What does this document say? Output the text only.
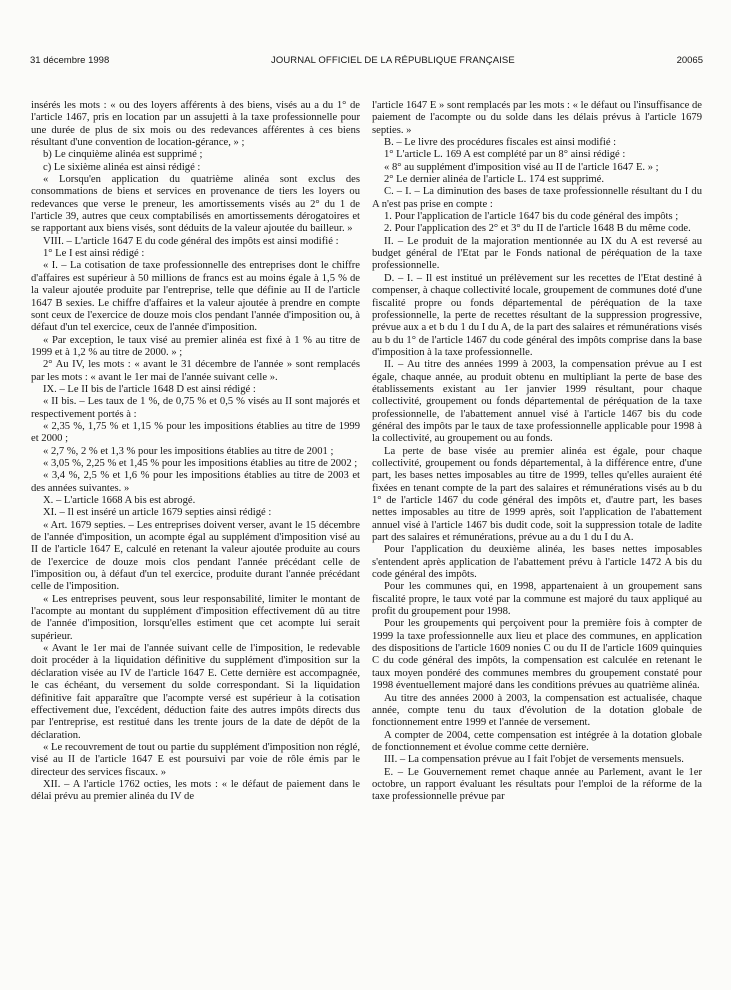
31 décembre 1998	JOURNAL OFFICIEL DE LA RÉPUBLIQUE FRANÇAISE	20065

insérés les mots : « ou des loyers afférents à des biens, visés au a du 1° de l'article 1467, pris en location par un assujetti à la taxe professionnelle pour une durée de plus de six mois ou des redevances afférentes à ces biens résultant d'une convention de location-gérance, » ;

b) Le cinquième alinéa est supprimé ;

c) Le sixième alinéa est ainsi rédigé :

« Lorsqu'en application du quatrième alinéa sont exclus des consommations de biens et services en provenance de tiers les loyers ou redevances que verse le preneur, les amortissements visés au 2° du 1 de l'article 39, autres que ceux comptabilisés en amortissements dérogatoires et se rapportant aux biens visés, sont déduits de la valeur ajoutée du bailleur. »

VIII. – L'article 1647 E du code général des impôts est ainsi modifié :

1° Le I est ainsi rédigé :

« I. – La cotisation de taxe professionnelle des entreprises dont le chiffre d'affaires est supérieur à 50 millions de francs est au moins égale à 1,5 % de la valeur ajoutée produite par l'entreprise, telle que définie au II de l'article 1647 B sexies. Le chiffre d'affaires et la valeur ajoutée à prendre en compte sont ceux de l'exercice de douze mois clos pendant l'année d'imposition ou, à défaut d'un tel exercice, ceux de l'année d'imposition.

« Par exception, le taux visé au premier alinéa est fixé à 1 % au titre de 1999 et à 1,2 % au titre de 2000. » ;

2° Au IV, les mots : « avant le 31 décembre de l'année » sont remplacés par les mots : « avant le 1er mai de l'année suivant celle ».

IX. – Le II bis de l'article 1648 D est ainsi rédigé :

« II bis. – Les taux de 1 %, de 0,75 % et 0,5 % visés au II sont majorés et respectivement portés à :

« 2,35 %, 1,75 % et 1,15 % pour les impositions établies au titre de 1999 et 2000 ;

« 2,7 %, 2 % et 1,3 % pour les impositions établies au titre de 2001 ;

« 3,05 %, 2,25 % et 1,45 % pour les impositions établies au titre de 2002 ;

« 3,4 %, 2,5 % et 1,6 % pour les impositions établies au titre de 2003 et des années suivantes. »

X. – L'article 1668 A bis est abrogé.

XI. – Il est inséré un article 1679 septies ainsi rédigé :

« Art. 1679 septies. – Les entreprises doivent verser, avant le 15 décembre de l'année d'imposition, un acompte égal au supplément d'imposition visé au II de l'article 1647 E, calculé en retenant la valeur ajoutée produite au cours de l'exercice de douze mois clos pendant l'année précédant celle de l'imposition ou, à défaut d'un tel exercice, produite durant l'année précédant celle de l'imposition.

« Les entreprises peuvent, sous leur responsabilité, limiter le montant de l'acompte au montant du supplément d'imposition effectivement dû au titre de l'année d'imposition, lorsqu'elles estiment que cet acompte lui serait supérieur.

« Avant le 1er mai de l'année suivant celle de l'imposition, le redevable doit procéder à la liquidation définitive du supplément d'imposition sur la déclaration visée au IV de l'article 1647 E. Cette dernière est accompagnée, le cas échéant, du versement du solde correspondant. Si la liquidation définitive fait apparaître que l'acompte versé est supérieur à la cotisation effectivement due, l'excédent, déduction faite des autres impôts directs dus par l'entreprise, est restitué dans les trente jours de la date de dépôt de la déclaration.

« Le recouvrement de tout ou partie du supplément d'imposition non réglé, visé au II de l'article 1647 E est poursuivi par voie de rôle émis par le directeur des services fiscaux. »

XII. – A l'article 1762 octies, les mots : « le défaut de paiement dans le délai prévu au premier alinéa du IV de

l'article 1647 E » sont remplacés par les mots : « le défaut ou l'insuffisance de paiement de l'acompte ou du solde dans les délais prévus à l'article 1679 septies. »

B. – Le livre des procédures fiscales est ainsi modifié :

1° L'article L. 169 A est complété par un 8° ainsi rédigé :

« 8° au supplément d'imposition visé au II de l'article 1647 E. » ;

2° Le dernier alinéa de l'article L. 174 est supprimé.

C. – I. – La diminution des bases de taxe professionnelle résultant du I du A n'est pas prise en compte :

1. Pour l'application de l'article 1647 bis du code général des impôts ;

2. Pour l'application des 2° et 3° du II de l'article 1648 B du même code.

II. – Le produit de la majoration mentionnée au IX du A est reversé au budget général de l'Etat par le Fonds national de péréquation de la taxe professionnelle.

D. – I. – Il est institué un prélèvement sur les recettes de l'Etat destiné à compenser, à chaque collectivité locale, groupement de communes doté d'une fiscalité propre ou fonds départemental de péréquation de la taxe professionnelle, la perte de recettes résultant de la suppression progressive, prévue aux a et b du 1 du I du A, de la part des salaires et rémunérations visés au b du 1° de l'article 1467 du code général des impôts comprise dans la base d'imposition à la taxe professionnelle.

II. – Au titre des années 1999 à 2003, la compensation prévue au I est égale, chaque année, au produit obtenu en multipliant la perte de base des établissements existant au 1er janvier 1999 résultant, pour chaque collectivité, groupement ou fonds départemental de péréquation de la taxe professionnelle, de l'abattement annuel visé à l'article 1467 bis du code général des impôts par le taux de taxe professionnelle applicable pour 1998 à la collectivité, au groupement ou au fonds.

La perte de base visée au premier alinéa est égale, pour chaque collectivité, groupement ou fonds départemental, à la différence entre, d'une part, les bases nettes imposables au titre de 1999, telles qu'elles auraient été fixées en tenant compte de la part des salaires et rémunérations visés au b du 1° de l'article 1467 du code général des impôts et, d'autre part, les bases nettes imposables au titre de 1999 après, soit l'application de l'abattement annuel visé à l'article 1467 bis dudit code, soit la suppression totale de ladite part des salaires et rémunérations, prévue au a du 1 du I du A.

Pour l'application du deuxième alinéa, les bases nettes imposables s'entendent après application de l'abattement prévu à l'article 1472 A bis du code général des impôts.

Pour les communes qui, en 1998, appartenaient à un groupement sans fiscalité propre, le taux voté par la commune est majoré du taux appliqué au profit du groupement pour 1998.

Pour les groupements qui perçoivent pour la première fois à compter de 1999 la taxe professionnelle aux lieu et place des communes, en application des dispositions de l'article 1609 nonies C ou du II de l'article 1609 quinquies C du code général des impôts, la compensation est calculée en retenant le taux moyen pondéré des communes membres du groupement constaté pour 1998 éventuellement majoré dans les conditions prévues au quatrième alinéa.

Au titre des années 2000 à 2003, la compensation est actualisée, chaque année, compte tenu du taux d'évolution de la dotation globale de fonctionnement entre 1999 et l'année de versement.

A compter de 2004, cette compensation est intégrée à la dotation globale de fonctionnement et évolue comme cette dernière.

III. – La compensation prévue au I fait l'objet de versements mensuels.

E. – Le Gouvernement remet chaque année au Parlement, avant le 1er octobre, un rapport évaluant les résultats pour l'emploi de la réforme de la taxe professionnelle prévue par
